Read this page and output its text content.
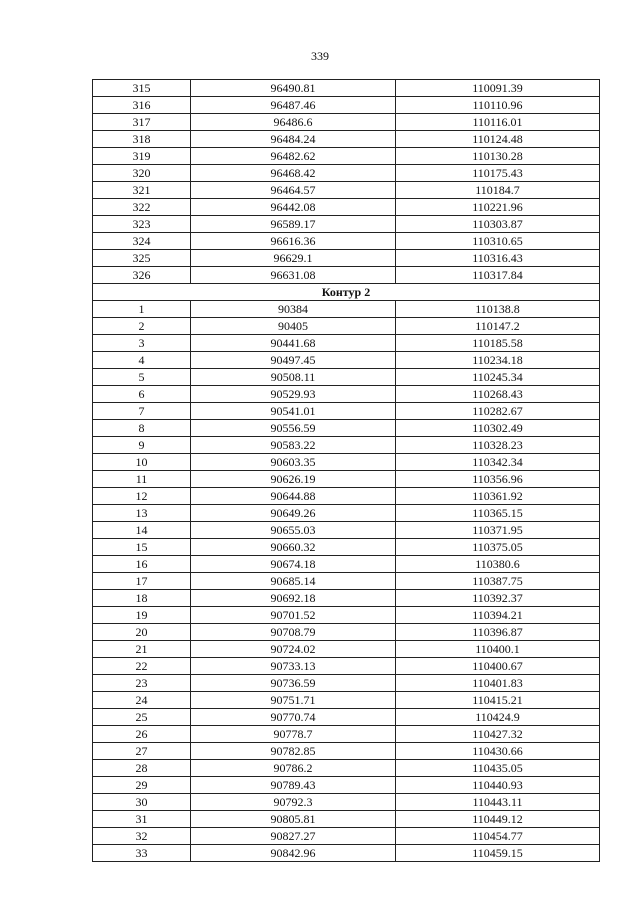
339
315	96490.81	110091.39
316	96487.46	110110.96
317	96486.6	110116.01
318	96484.24	110124.48
319	96482.62	110130.28
320	96468.42	110175.43
321	96464.57	110184.7
322	96442.08	110221.96
323	96589.17	110303.87
324	96616.36	110310.65
325	96629.1	110316.43
326	96631.08	110317.84
Контур 2		
1	90384	110138.8
2	90405	110147.2
3	90441.68	110185.58
4	90497.45	110234.18
5	90508.11	110245.34
6	90529.93	110268.43
7	90541.01	110282.67
8	90556.59	110302.49
9	90583.22	110328.23
10	90603.35	110342.34
11	90626.19	110356.96
12	90644.88	110361.92
13	90649.26	110365.15
14	90655.03	110371.95
15	90660.32	110375.05
16	90674.18	110380.6
17	90685.14	110387.75
18	90692.18	110392.37
19	90701.52	110394.21
20	90708.79	110396.87
21	90724.02	110400.1
22	90733.13	110400.67
23	90736.59	110401.83
24	90751.71	110415.21
25	90770.74	110424.9
26	90778.7	110427.32
27	90782.85	110430.66
28	90786.2	110435.05
29	90789.43	110440.93
30	90792.3	110443.11
31	90805.81	110449.12
32	90827.27	110454.77
33	90842.96	110459.15
